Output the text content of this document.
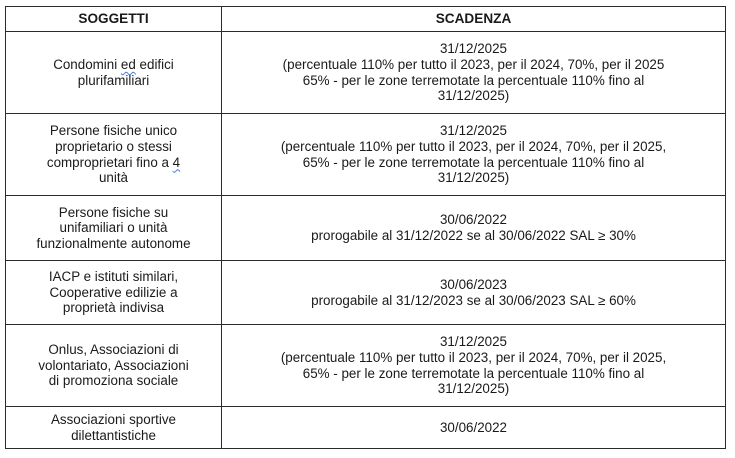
SOGGETTI	SCADENZA

Condomini ed edifici
plurifamiliari	31/12/2025
(percentuale 110% per tutto il 2023, per il 2024, 70%, per il 2025
65% - per le zone terremotate la percentuale 110% fino al
31/12/2025)

Persone fisiche unico
proprietario o stessi
comproprietari fino a 4
unità	31/12/2025
(percentuale 110% per tutto il 2023, per il 2024, 70%, per il 2025,
65% - per le zone terremotate la percentuale 110% fino al
31/12/2025)

Persone fisiche su
unifamiliari o unità
funzionalmente autonome	30/06/2022
prorogabile al 31/12/2022 se al 30/06/2022 SAL ≥ 30%

IACP e istituti similari,
Cooperative edilizie a
proprietà indivisa	30/06/2023
prorogabile al 31/12/2023 se al 30/06/2023 SAL ≥ 60%

Onlus, Associazioni di
volontariato, Associazioni
di promoziona sociale	31/12/2025
(percentuale 110% per tutto il 2023, per il 2024, 70%, per il 2025,
65% - per le zone terremotate la percentuale 110% fino al
31/12/2025)

Associazioni sportive
dilettantistiche	30/06/2022
